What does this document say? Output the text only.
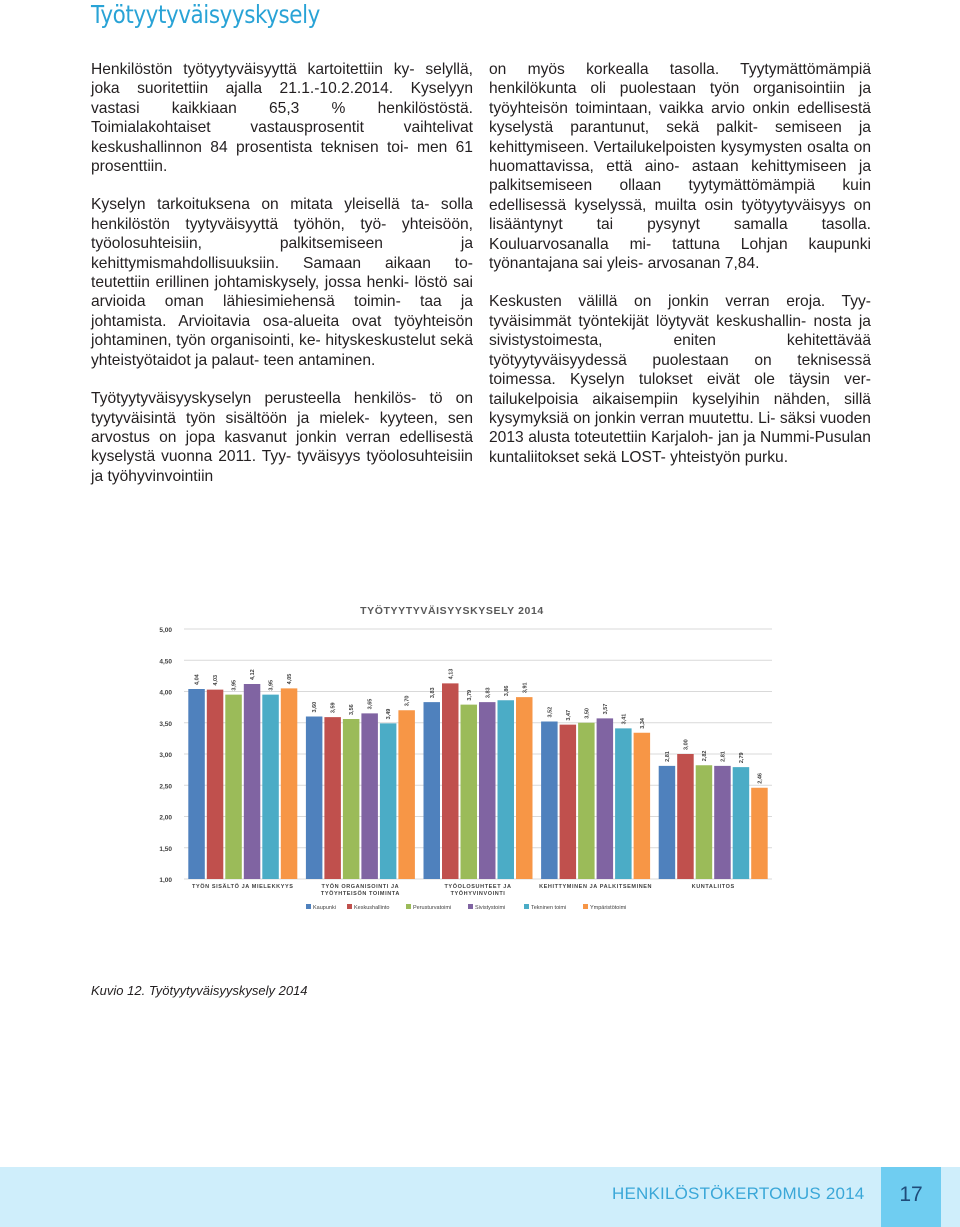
Työtyytyväisyyskysely

Henkilöstön työtyytyväisyyttä kartoitettiin ky- selyllä, joka suoritettiin ajalla 21.1.-10.2.2014. Kyselyyn vastasi kaikkiaan 65,3 % henkilöstöstä. Toimialakohtaiset vastausprosentit vaihtelivat keskushallinnon 84 prosentista teknisen toi- men 61 prosenttiin.

Kyselyn tarkoituksena on mitata yleisellä ta- solla henkilöstön tyytyväisyyttä työhön, työ- yhteisöön, työolosuhteisiin, palkitsemiseen ja kehittymismahdollisuuksiin. Samaan aikaan to- teutettiin erillinen johtamiskysely, jossa henki- löstö sai arvioida oman lähiesimiehensä toimin- taa ja johtamista. Arvioitavia osa-alueita ovat työyhteisön johtaminen, työn organisointi, ke- hityskeskustelut sekä yhteistyötaidot ja palaut- teen antaminen.

Työtyytyväisyyskyselyn perusteella henkilös- tö on tyytyväisintä työn sisältöön ja mielek- kyyteen, sen arvostus on jopa kasvanut jonkin verran edellisestä kyselystä vuonna 2011. Tyy- tyväisyys työolosuhteisiin ja työhyvinvointiin

on myös korkealla tasolla. Tyytymättömämpiä henkilökunta oli puolestaan työn organisointiin ja työyhteisön toimintaan, vaikka arvio onkin edellisestä kyselystä parantunut, sekä palkit- semiseen ja kehittymiseen. Vertailukelpoisten kysymysten osalta on huomattavissa, että aino- astaan kehittymiseen ja palkitsemiseen ollaan tyytymättömämpiä kuin edellisessä kyselyssä, muilta osin työtyytyväisyys on lisääntynyt tai pysynyt samalla tasolla. Kouluarvosanalla mi- tattuna Lohjan kaupunki työnantajana sai yleis- arvosanan 7,84.

Keskusten välillä on jonkin verran eroja. Tyy- tyväisimmät työntekijät löytyvät keskushallin- nosta ja sivistystoimesta, eniten kehitettävää työtyytyväisyydessä puolestaan on teknisessä toimessa. Kyselyn tulokset eivät ole täysin ver- tailukelpoisia aikaisempiin kyselyihin nähden, sillä kysymyksiä on jonkin verran muutettu. Li- säksi vuoden 2013 alusta toteutettiin Karjaloh- jan ja Nummi-Pusulan kuntaliitokset sekä LOST- yhteistyön purku.

TYÖTYYTYVÄISYYSKYSELY 2014
1,00
1,50
2,00
2,50
3,00
3,50
4,00
4,50
5,00
4,04 4,03 3,95
4,12
3,95
4,05
TYÖN SISÄLTÖ JA MIELEKKYYS
3,60 3,59 3,56
3,65
3,49
3,70
TYÖN ORGANISOINTI JA
TYÖYHTEISÖN TOIMINTA
3,83
4,13
3,79 3,83 3,86 3,91
TYÖOLOSUHTEET JA
TYÖHYVINVOINTI
3,52 3,47 3,50 3,57
3,41 3,34
KEHITTYMINEN JA PALKITSEMINEN
2,81
3,00
2,82 2,81 2,79
2,46
KUNTALIITOS
Kaupunki	Keskushallinto	Perusturvatoimi	Sivistystoimi	Tekninen toimi	Ympäristötoimi

Kuvio 12. Työtyytyväisyyskysely 2014

HENKILÖSTÖKERTOMUS 2014	17
